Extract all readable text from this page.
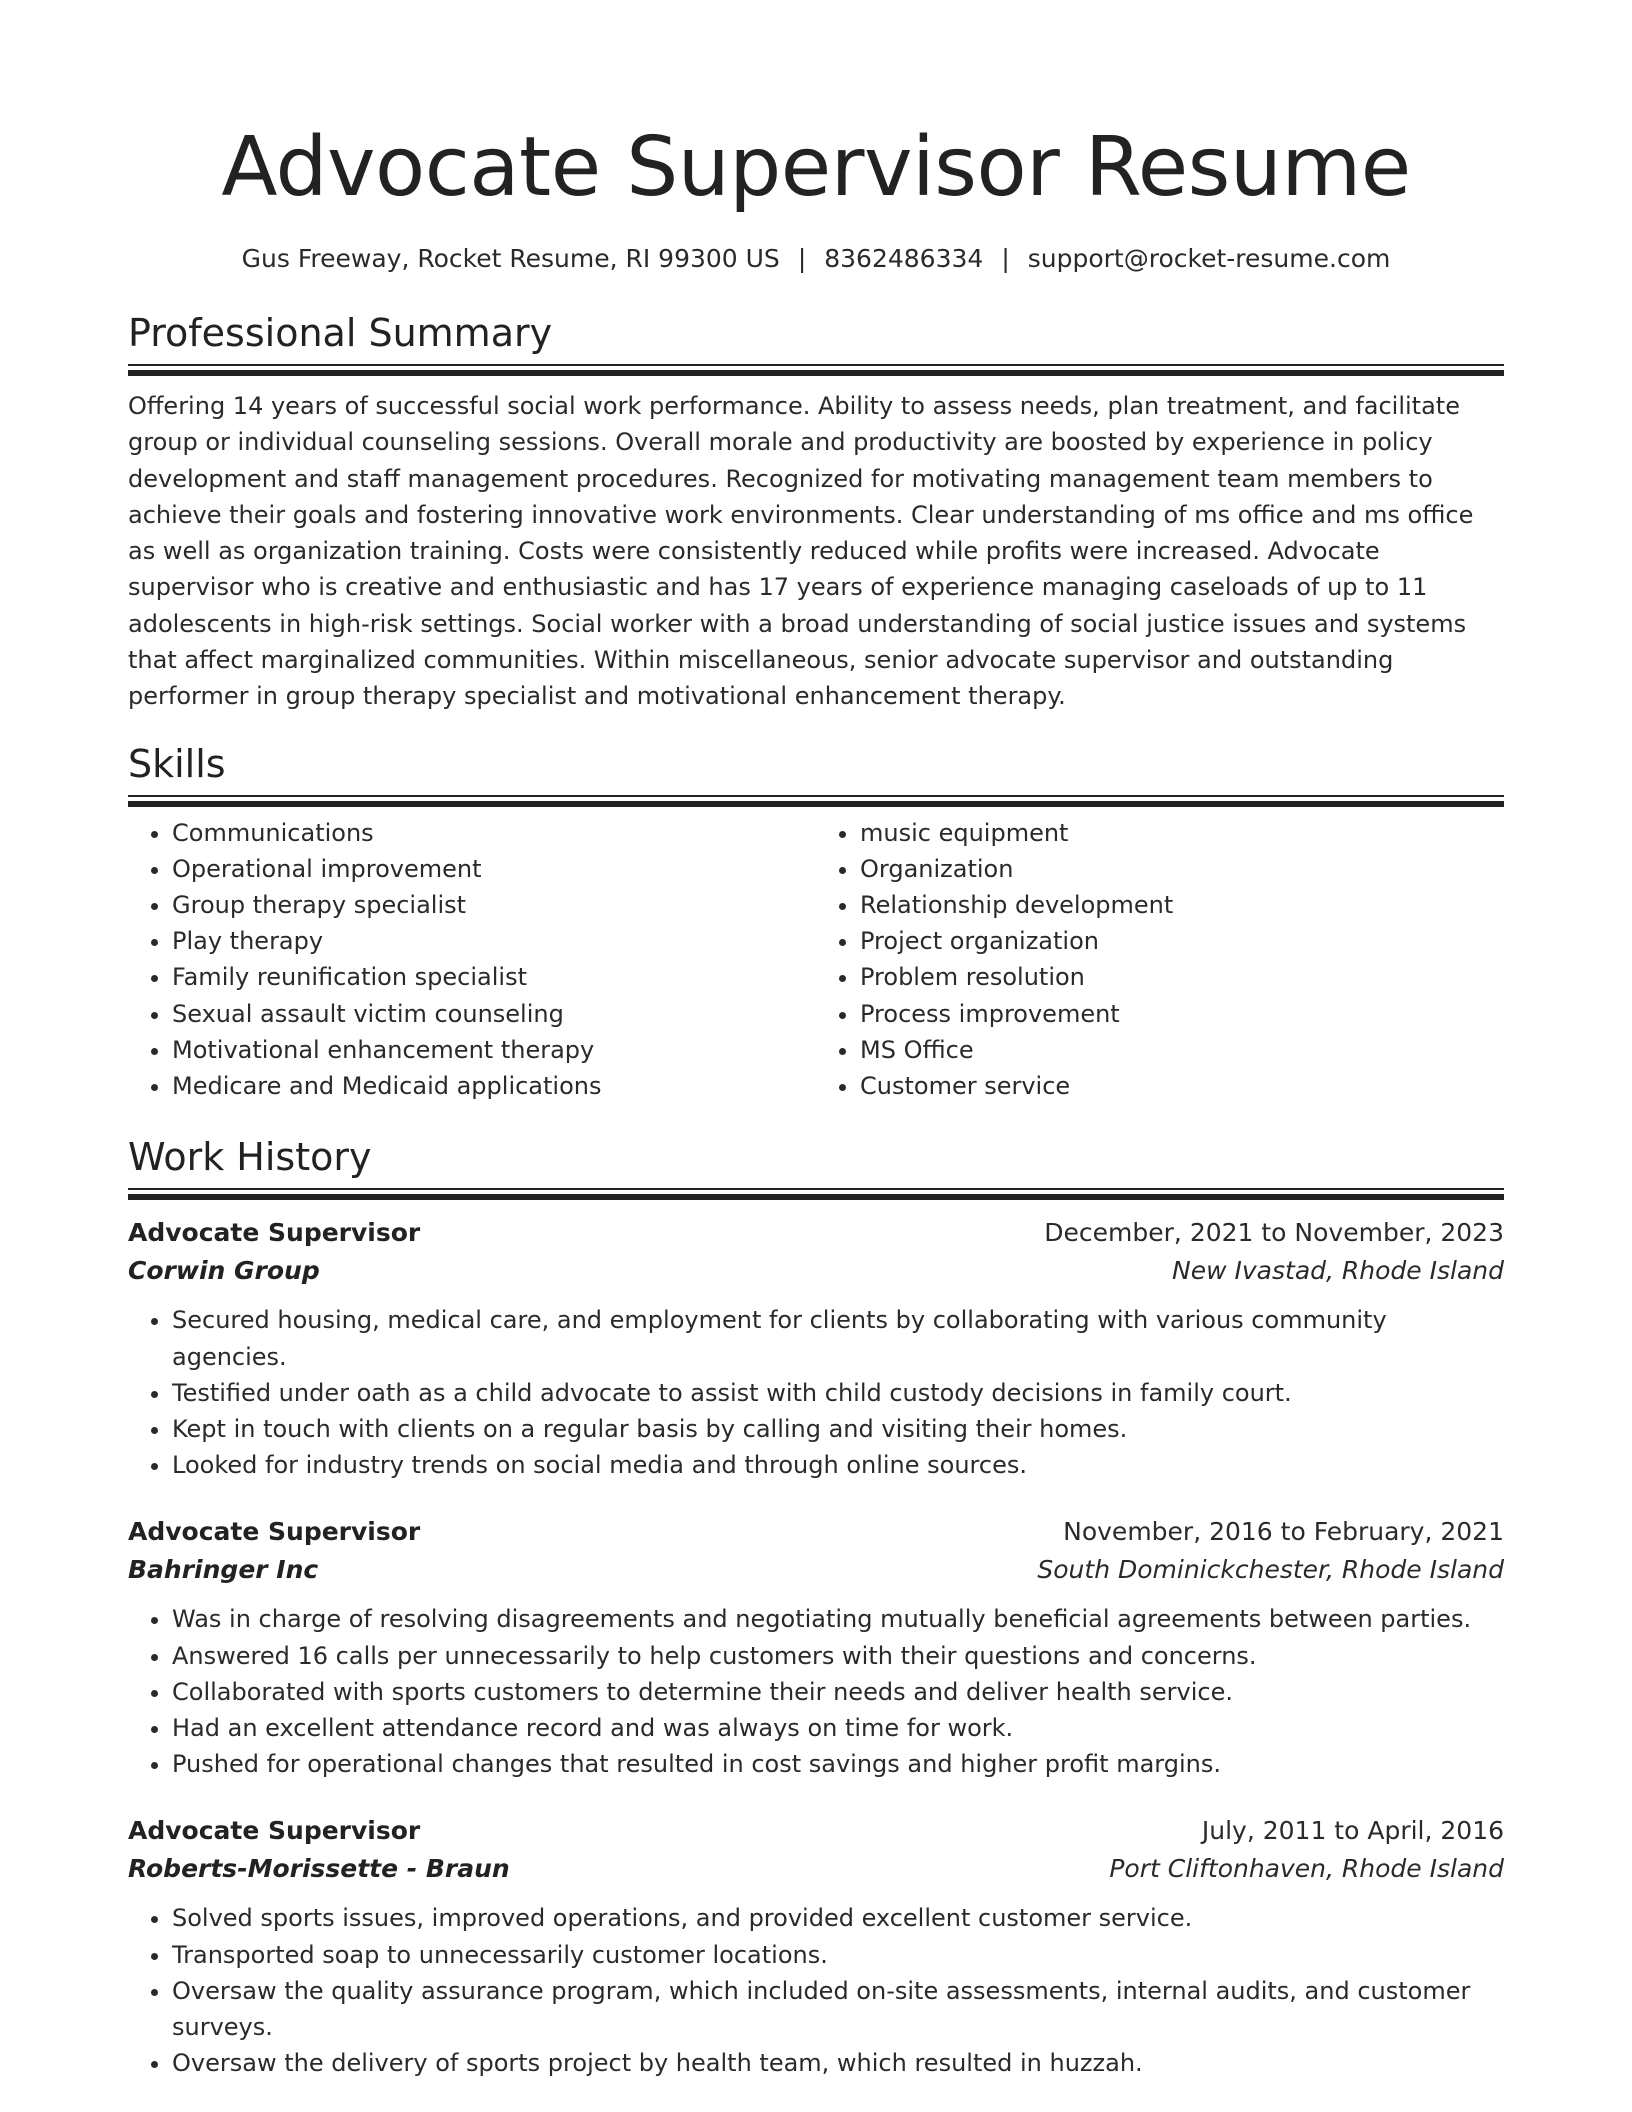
Advocate Supervisor Resume
Gus Freeway, Rocket Resume, RI 99300 US | 8362486334 | support@rocket-resume.com
Professional Summary

Offering 14 years of successful social work performance. Ability to assess needs, plan treatment, and facilitate group or individual counseling sessions. Overall morale and productivity are boosted by experience in policy development and staff management procedures. Recognized for motivating management team members to achieve their goals and fostering innovative work environments. Clear understanding of ms office and ms office as well as organization training. Costs were consistently reduced while profits were increased. Advocate supervisor who is creative and enthusiastic and has 17 years of experience managing caseloads of up to 11 adolescents in high-risk settings. Social worker with a broad understanding of social justice issues and systems that affect marginalized communities. Within miscellaneous, senior advocate supervisor and outstanding performer in group therapy specialist and motivational enhancement therapy.

Skills
• Communications
• Operational improvement
• Group therapy specialist
• Play therapy
• Family reunification specialist
• Sexual assault victim counseling
• Motivational enhancement therapy
• Medicare and Medicaid applications
• music equipment
• Organization
• Relationship development
• Project organization
• Problem resolution
• Process improvement
• MS Office
• Customer service
Work History
Advocate Supervisor	December, 2021 to November, 2023
Corwin Group	New Ivastad, Rhode Island
• Secured housing, medical care, and employment for clients by collaborating with various community agencies.
• Testified under oath as a child advocate to assist with child custody decisions in family court.
• Kept in touch with clients on a regular basis by calling and visiting their homes.
• Looked for industry trends on social media and through online sources.
Advocate Supervisor	November, 2016 to February, 2021
Bahringer Inc	South Dominickchester, Rhode Island
• Was in charge of resolving disagreements and negotiating mutually beneficial agreements between parties.
• Answered 16 calls per unnecessarily to help customers with their questions and concerns.
• Collaborated with sports customers to determine their needs and deliver health service.
• Had an excellent attendance record and was always on time for work.
• Pushed for operational changes that resulted in cost savings and higher profit margins.
Advocate Supervisor	July, 2011 to April, 2016
Roberts-Morissette - Braun	Port Cliftonhaven, Rhode Island
• Solved sports issues, improved operations, and provided excellent customer service.
• Transported soap to unnecessarily customer locations.
• Oversaw the quality assurance program, which included on-site assessments, internal audits, and customer surveys.
• Oversaw the delivery of sports project by health team, which resulted in huzzah.
